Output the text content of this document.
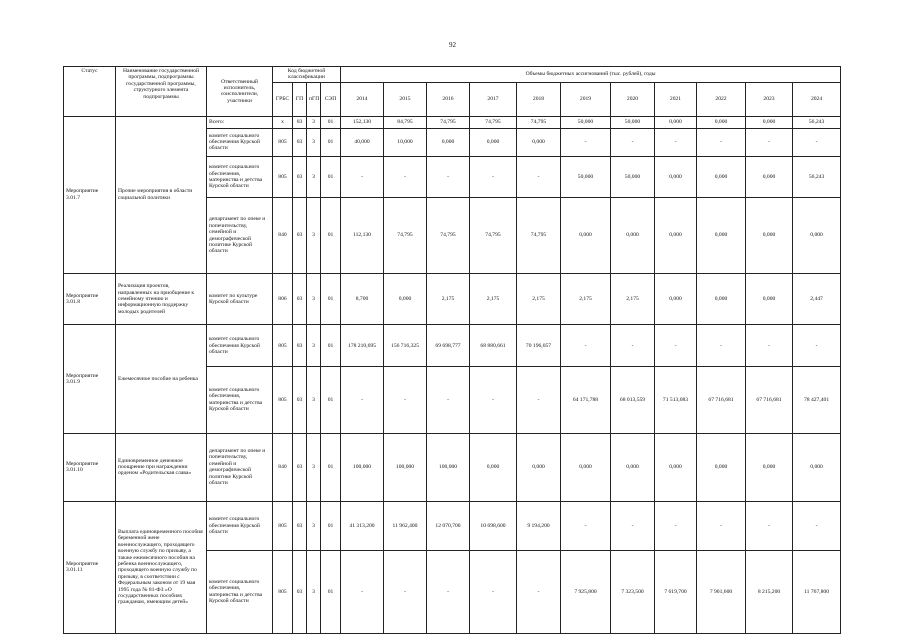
92
Статус	Наименование государственной программы, подпрограммы государственной программы, структурного элемента подпрограммы	Ответственный исполнитель, соисполнители, участники	Код бюджетной классификации				Объемы бюджетных ассигнований (тыс. рублей), годы										
			ГРБС	ГП	пГП	СЭП	2014	2015	2016	2017	2018	2019	2020	2021	2022	2023	2024
Мероприятие 3.01.7	Прочие мероприятия в области социальной политики	Всего:	х	03	3	01	152,130	84,795	74,795	74,795	74,795	50,000	50,000	0,000	0,000	0,000	56,243
		комитет социального обеспечения Курской области	805	03	3	01	40,000	10,000	0,000	0,000	0,000	-	-	-	-	-	-
		комитет социального обеспечения, материнства и детства Курской области	805	03	3	01	-	-	-	-	-	50,000	50,000	0,000	0,000	0,000	56,243
		департамент по опеке и попечительству, семейной и демографической политике Курской области	840	03	3	01	112,130	74,795	74,795	74,795	74,795	0,000	0,000	0,000	0,000	0,000	0,000
Мероприятие 3.01.8	Реализация проектов, направленных на приобщение к семейному чтению и информационную поддержку молодых родителей	комитет по культуре Курской области	806	03	3	01	8,700	0,000	2,175	2,175	2,175	2,175	2,175	0,000	0,000	0,000	2,447
Мероприятие 3.01.9	Ежемесячное пособие на ребенка	комитет социального обеспечения Курской области	805	03	3	01	178 210,695	156 716,325	69 698,777	68 880,661	70 196,057	-	-	-	-	-	-
		комитет социального обеспечения, материнства и детства Курской области	805	03	3	01	-	-	-	-	-	64 171,788	68 013,559	71 513,083	67 716,681	67 716,681	78 427,401
Мероприятие 3.01.10	Единовременное денежное поощрение при награждении орденом «Родительская слава»	департамент по опеке и попечительству, семейной и демографической политике Курской области	840	03	3	01	100,000	100,000	100,000	0,000	0,000	0,000	0,000	0,000	0,000	0,000	0,000
Мероприятие 3.01.11	Выплата единовременного пособия беременной жене военнослужащего, проходящего военную службу по призыву, а также ежемесячного пособия на ребенка военнослужащего, проходящего военную службу по призыву, в соответствии с Федеральным законом от 19 мая 1995 года № 81-ФЗ «О государственных пособиях гражданам, имеющим детей»	комитет социального обеспечения Курской области	805	03	3	01	41 313,200	11 962,400	12 070,700	10 698,600	9 194,200	-	-	-	-	-	-
		комитет социального обеспечения, материнства и детства Курской области	805	03	3	01	-	-	-	-	-	7 925,800	7 323,500	7 619,700	7 901,600	8 215,200	11 767,800
